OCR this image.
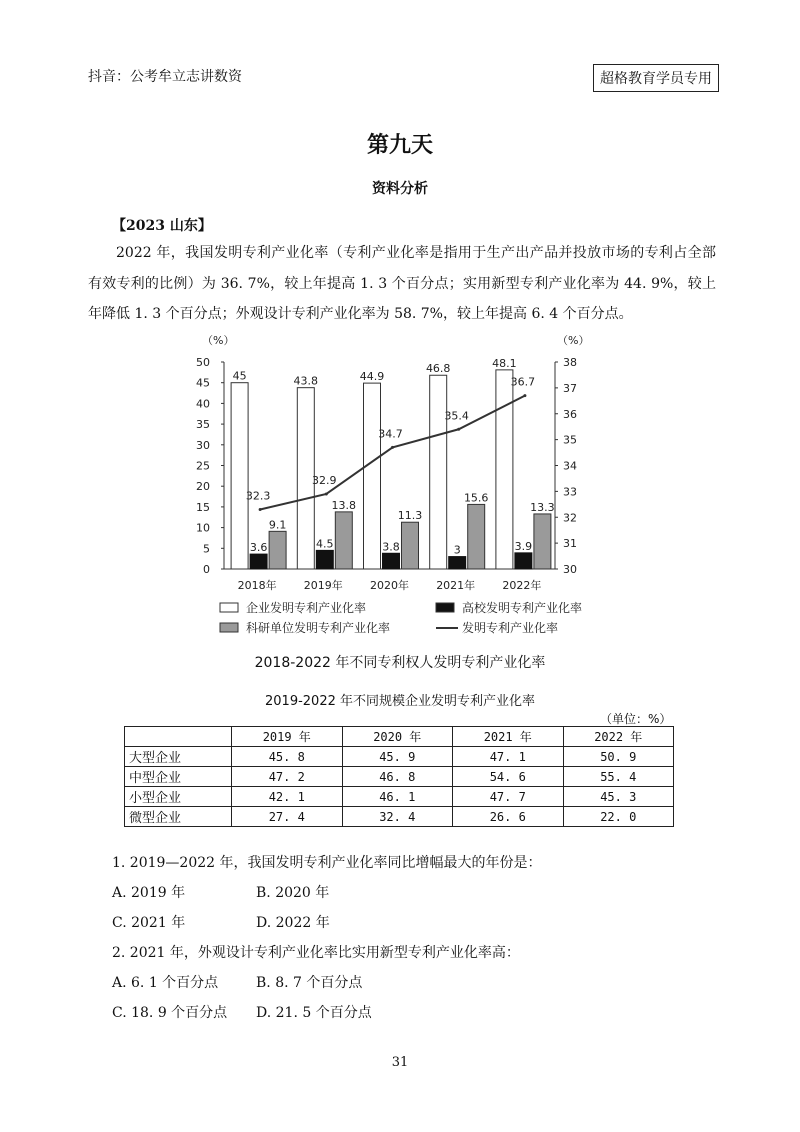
抖音：公考牟立志讲数资	超格教育学员专用
第九天
资料分析
【2023 山东】
2022 年，我国发明专利产业化率（专利产业化率是指用于生产出产品并投放市场的专利占全部有效专利的比例）为 36. 7%，较上年提高 1. 3 个百分点；实用新型专利产业化率为 44. 9%，较上年降低 1. 3 个百分点；外观设计专利产业化率为 58. 7%，较上年提高 6. 4 个百分点。
（%）	（%）
0
5
10
15
20
25
30
35
40
45
50
30
31
32
33
34
35
36
37
38
45
3.6
9.1
2018年
43.8
4.5
13.8
2019年
44.9
3.8
11.3
2020年
46.8
3
15.6
2021年
48.1
3.9
13.3
2022年
32.3
32.9
34.7
35.4
36.7
企业发明专利产业化率	高校发明专利产业化率
科研单位发明专利产业化率	发明专利产业化率
2018-2022 年不同专利权人发明专利产业化率
2019-2022 年不同规模企业发明专利产业化率
（单位：%）
	2019 年	2020 年	2021 年	2022 年
大型企业	45. 8	45. 9	47. 1	50. 9
中型企业	47. 2	46. 8	54. 6	55. 4
小型企业	42. 1	46. 1	47. 7	45. 3
微型企业	27. 4	32. 4	26. 6	22. 0
1. 2019—2022 年，我国发明专利产业化率同比增幅最大的年份是：
A. 2019 年	B. 2020 年
C. 2021 年	D. 2022 年
2. 2021 年，外观设计专利产业化率比实用新型专利产业化率高：
A. 6. 1 个百分点	B. 8. 7 个百分点
C. 18. 9 个百分点 D. 21. 5 个百分点
31
